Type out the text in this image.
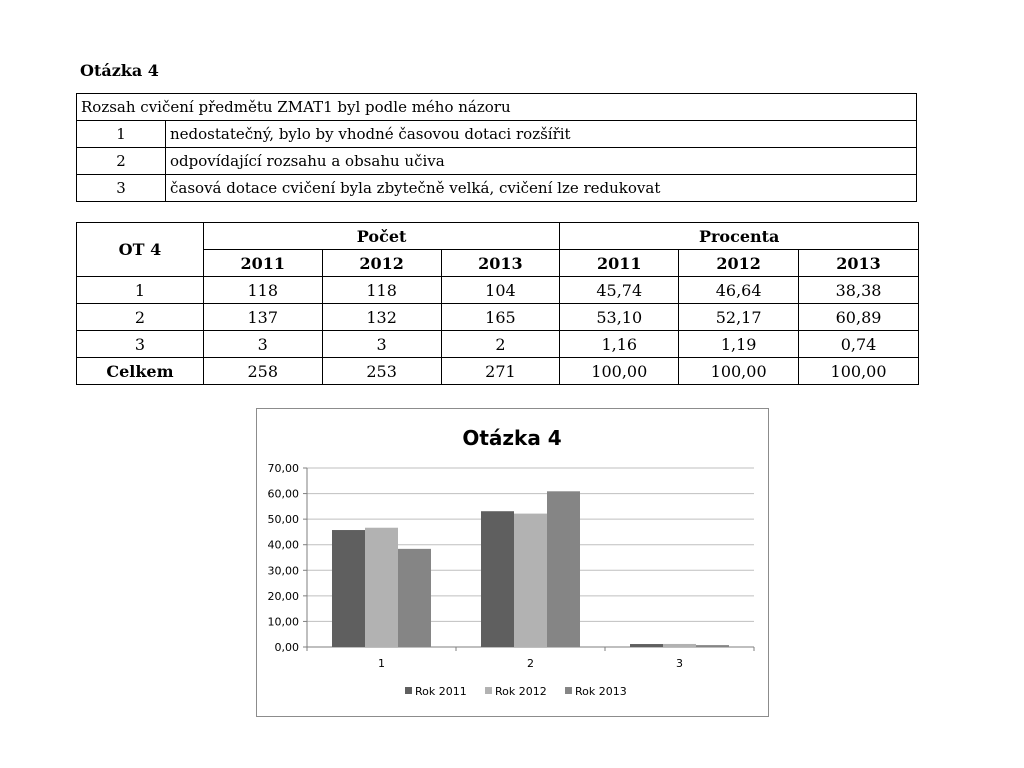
Otázka 4
Rozsah cvičení předmětu ZMAT1 byl podle mého názoru	
1	nedostatečný, bylo by vhodné časovou dotaci rozšířit
2	odpovídající rozsahu a obsahu učiva
3	časová dotace cvičení byla zbytečně velká, cvičení lze redukovat
OT 4	Počet			Procenta		
	2011	2012	2013	2011	2012	2013
1	118	118	104	45,74	46,64	38,38
2	137	132	165	53,10	52,17	60,89
3	3	3	2	1,16	1,19	0,74
Celkem	258	253	271	100,00	100,00	100,00
Otázka 4
0,00
10,00
20,00
30,00
40,00
50,00
60,00
70,00
1	2	3
Rok 2011	Rok 2012	Rok 2013
